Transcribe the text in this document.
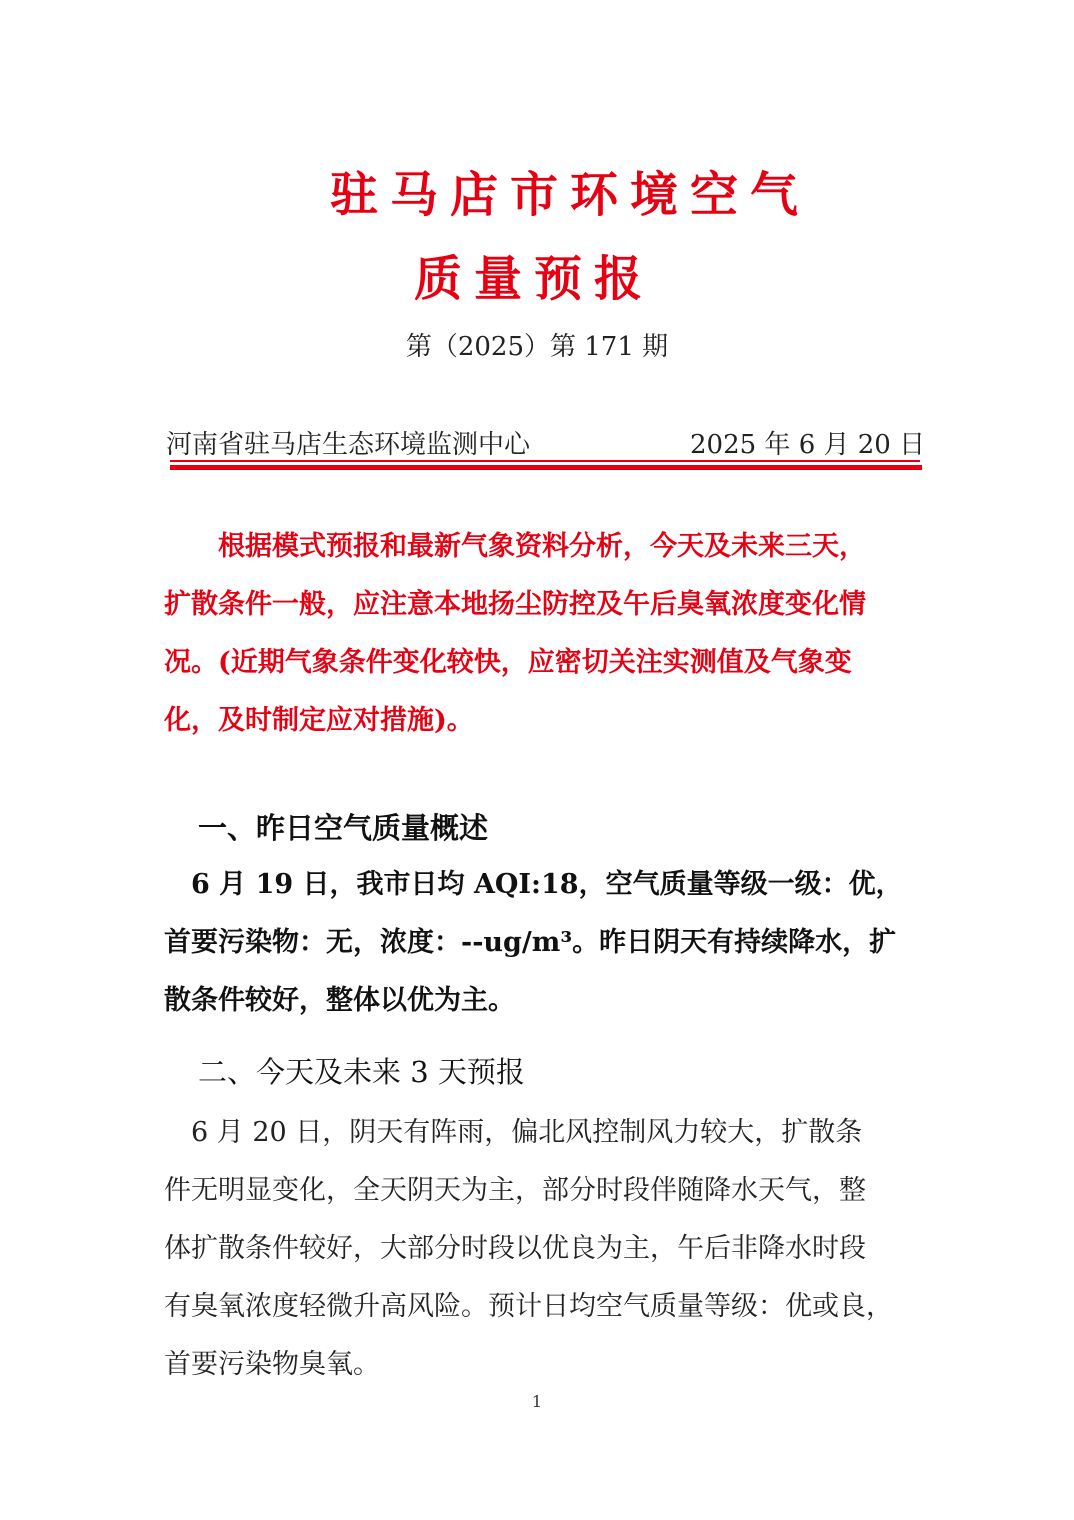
驻马店市环境空气
质量预报
第（2025）第 171 期
河南省驻马店生态环境监测中心	2025 年 6 月 20 日
　　根据模式预报和最新气象资料分析，今天及未来三天，
扩散条件一般，应注意本地扬尘防控及午后臭氧浓度变化情
况。(近期气象条件变化较快，应密切关注实测值及气象变
化，及时制定应对措施)。
一、昨日空气质量概述
　6 月 19 日，我市日均 AQI:18，空气质量等级一级：优，
首要污染物：无，浓度：--ug/m³。昨日阴天有持续降水，扩
散条件较好，整体以优为主。
二、今天及未来 3 天预报
　6 月 20 日，阴天有阵雨，偏北风控制风力较大，扩散条
件无明显变化，全天阴天为主，部分时段伴随降水天气，整
体扩散条件较好，大部分时段以优良为主，午后非降水时段
有臭氧浓度轻微升高风险。预计日均空气质量等级：优或良，
首要污染物臭氧。
1
